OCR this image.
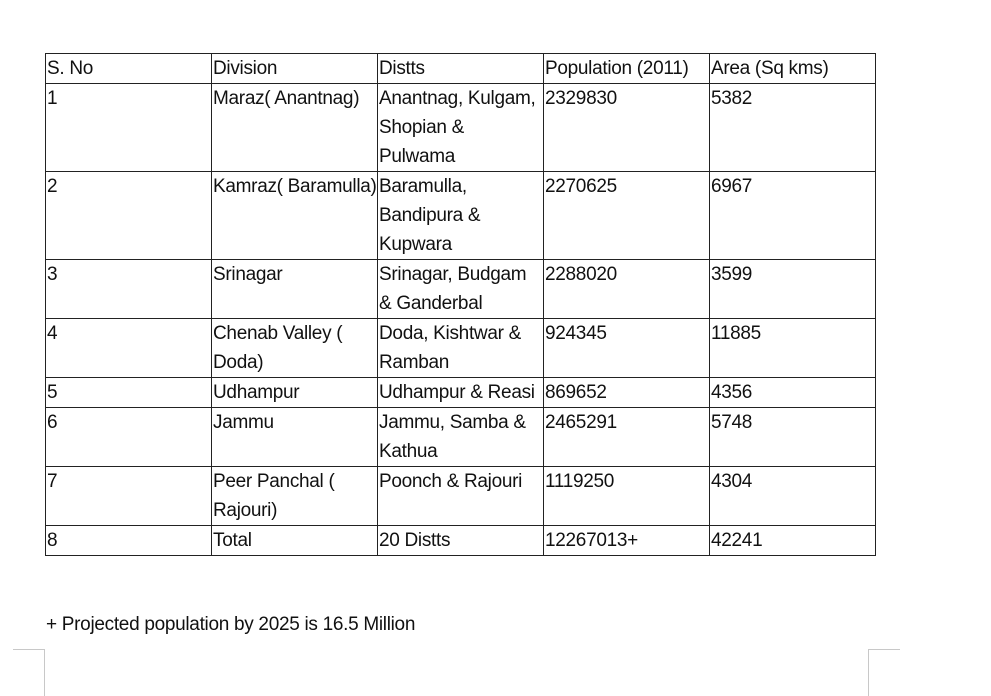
S. No	Division	Distts	Population (2011)	Area (Sq kms)
1	Maraz( Anantnag)	Anantnag, Kulgam, Shopian & Pulwama	2329830	5382
2	Kamraz( Baramulla)	Baramulla, Bandipura & Kupwara	2270625	6967
3	Srinagar	Srinagar, Budgam & Ganderbal	2288020	3599
4	Chenab Valley ( Doda)	Doda, Kishtwar & Ramban	924345	11885
5	Udhampur	Udhampur & Reasi	869652	4356
6	Jammu	Jammu, Samba & Kathua	2465291	5748
7	Peer Panchal ( Rajouri)	Poonch & Rajouri	1119250	4304
8	Total	20 Distts	12267013+	42241
+ Projected population by 2025 is 16.5 Million
